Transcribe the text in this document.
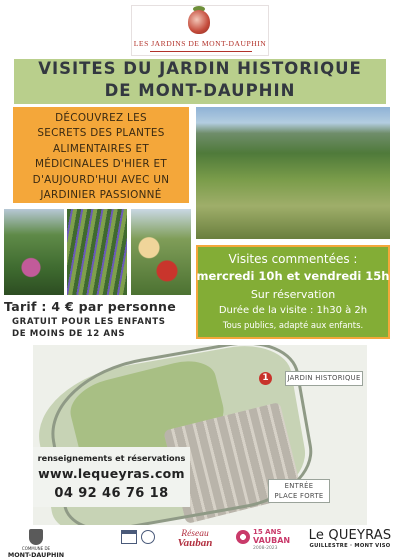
LES JARDINS DE MONT-DAUPHIN
VISITES DU JARDIN HISTORIQUE
DE MONT-DAUPHIN
DÉCOUVREZ LES
SECRETS DES PLANTES
ALIMENTAIRES ET
MÉDICINALES D'HIER ET
D'AUJOURD'HUI AVEC UN
JARDINIER PASSIONNÉ
Tarif : 4 € par personne
GRATUIT POUR LES ENFANTS
DE MOINS DE 12 ANS
Visites commentées :
mercredi 10h et vendredi 15h
Sur réservation
Durée de la visite : 1h30 à 2h
Tous publics, adapté aux enfants.
1	JARDIN HISTORIQUE
ENTRÉE
PLACE FORTE
renseignements et réservations
www.lequeyras.com
04 92 46 76 18
COMMUNE DE
MONT-DAUPHIN
Réseau
Vauban
15 ANS
VAUBAN
2008-2023
Le QUEYRAS
GUILLESTRE · MONT VISO
